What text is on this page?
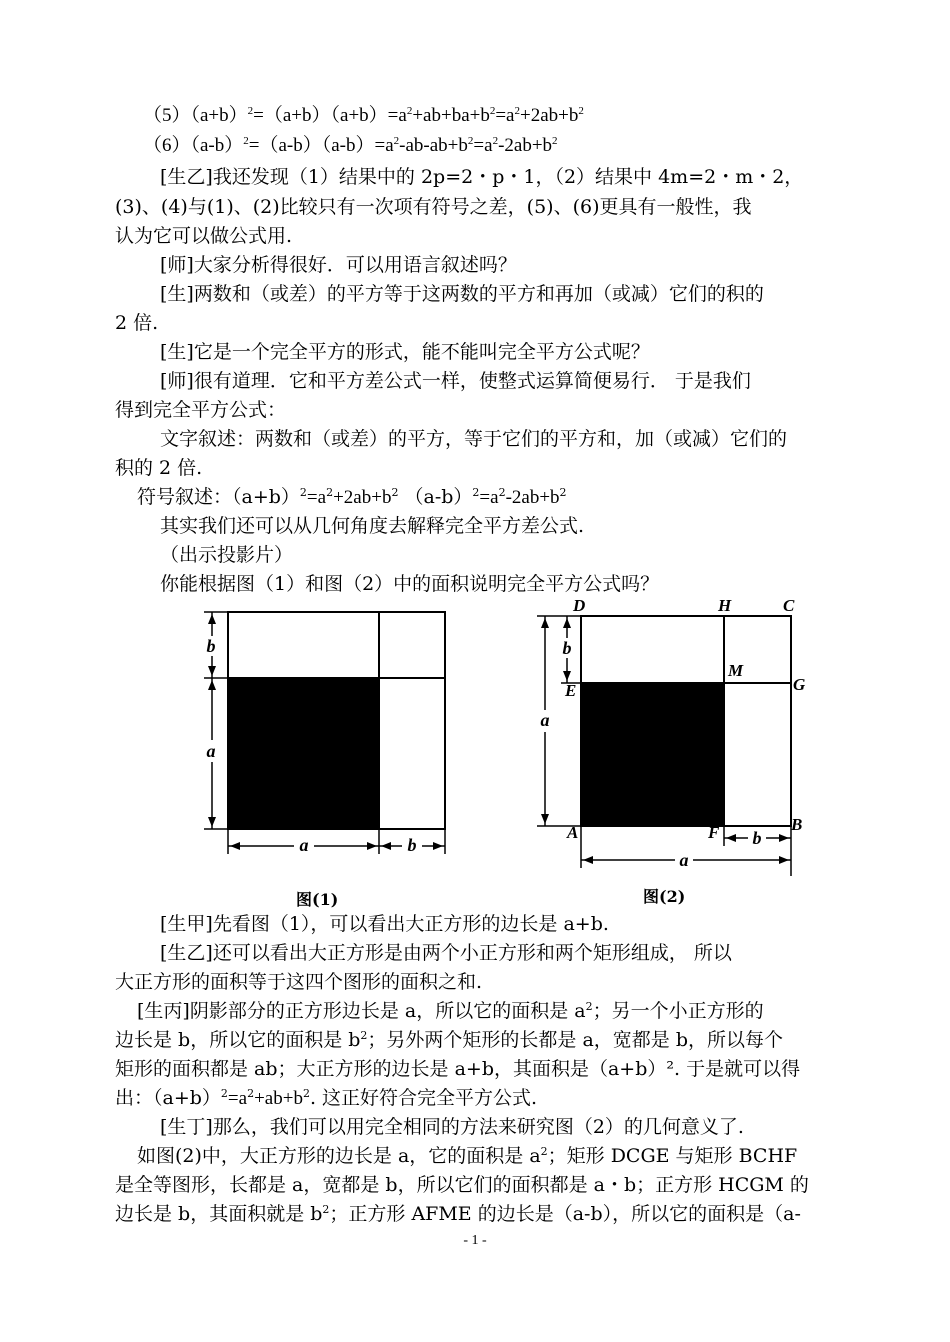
$(5)(a+b)^2=(a+b)(a+b)=a^2+ab+ba+b^2=a^2+2ab+b^2$
$(6)(a-b)^2=(a-b)(a-b)=a^2-ab-ab+b^2=a^2-2ab+b^2$
[生乙]我还发现（1）结果中的 2p=2・p・1，（2）结果中 4m=2・m・2，
(3)、(4)与(1)、(2)比较只有一次项有符号之差，(5)、(6)更具有一般性，我
认为它可以做公式用.
[师]大家分析得很好．可以用语言叙述吗？
[生]两数和（或差）的平方等于这两数的平方和再加（或减）它们的积的
2 倍.
[生]它是一个完全平方的形式，能不能叫完全平方公式呢？
[师]很有道理．它和平方差公式一样，使整式运算简便易行． 于是我们
得到完全平方公式：
文字叙述：两数和（或差）的平方，等于它们的平方和，加（或减）它们的
积的 2 倍.
符号叙述：$(a+b)^2=a^2+2ab+b^2$ $(a-b)^2=a^2-2ab+b^2$
其实我们还可以从几何角度去解释完全平方差公式.
（出示投影片）
你能根据图（1）和图（2）中的面积说明完全平方公式吗？
b
a
a	b
图(1)
b
a
b
a
D	H	C
M
E	G
A	F	B
图(2)
[生甲]先看图（1），可以看出大正方形的边长是 a+b.
[生乙]还可以看出大正方形是由两个小正方形和两个矩形组成， 所以
大正方形的面积等于这四个图形的面积之和.
[生丙]阴影部分的正方形边长是 a，所以它的面积是 $a^2$；另一个小正方形的
边长是 b，所以它的面积是 $b^2$；另外两个矩形的长都是 a，宽都是 b，所以每个
矩形的面积都是 ab；大正方形的边长是 a+b，其面积是（a+b）². 于是就可以得
出：$(a+b)^2=a^2+ab+b^2$. 这正好符合完全平方公式.
[生丁]那么，我们可以用完全相同的方法来研究图（2）的几何意义了.
如图(2)中，大正方形的边长是 a，它的面积是 $a^2$；矩形 DCGE 与矩形 BCHF
是全等图形，长都是 a，宽都是 b，所以它们的面积都是 a・b；正方形 HCGM 的
边长是 b，其面积就是 $b^2$；正方形 AFME 的边长是（a-b），所以它的面积是（a-
- 1 -
